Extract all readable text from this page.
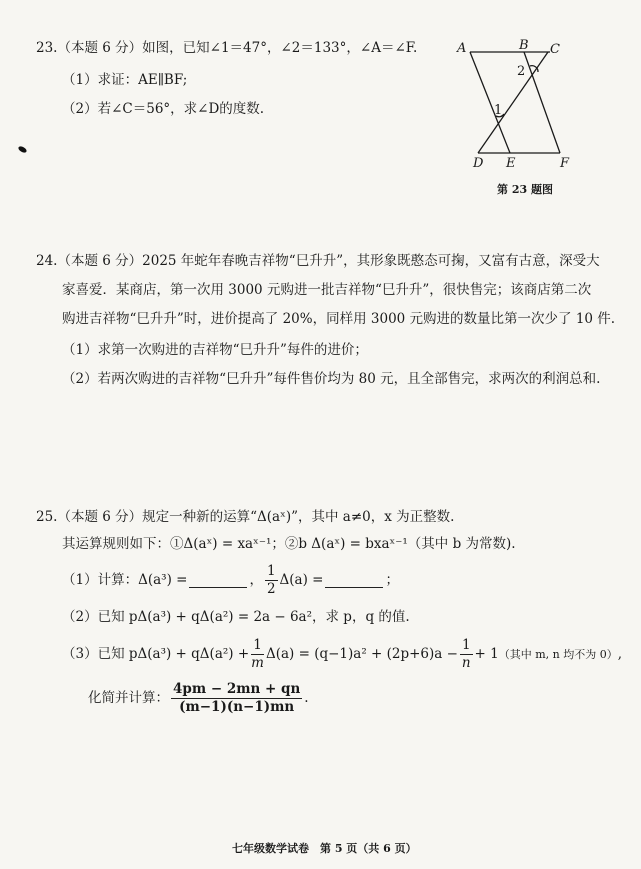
23.（本题 6 分）如图，已知∠1＝47°，∠2＝133°，∠A＝∠F.
（1）求证：AE∥BF;
（2）若∠C＝56°，求∠D的度数.
A	B C
D E	F
1
2
第 23 题图
24.（本题 6 分）2025 年蛇年春晚吉祥物“巳升升”，其形象既憨态可掬，又富有古意，深受大
家喜爱．某商店，第一次用 3000 元购进一批吉祥物“巳升升”，很快售完；该商店第二次
购进吉祥物“巳升升”时，进价提高了 20%，同样用 3000 元购进的数量比第一次少了 10 件.
（1）求第一次购进的吉祥物“巳升升”每件的进价；
（2）若两次购进的吉祥物“巳升升”每件售价均为 80 元，且全部售完，求两次的利润总和.
25.（本题 6 分）规定一种新的运算“Δ(aˣ)”，其中 a≠0，x 为正整数.
其运算规则如下：①Δ(aˣ) = xaˣ⁻¹；②b Δ(aˣ) = bxaˣ⁻¹（其中 b 为常数).
（1）计算：Δ(a³) =	， $\frac{1}{2} \Delta(a)$ =	；
（2）已知 pΔ(a³) + qΔ(a²) = 2a − 6a²，求 p，q 的值.
（3）已知 $p\Delta(a^3) + q\Delta(a^2) + \frac{1}{m} \Delta(a) = (q-1)a^2 + (2p+6)a - \frac{1}{n} + 1$ （其中 m, n 均不为 0） ,
化简并计算： $\frac{4pm - 2mn + qn}{(m-1)(n-1)mn}$ .
七年级数学试卷　第 5 页（共 6 页）
